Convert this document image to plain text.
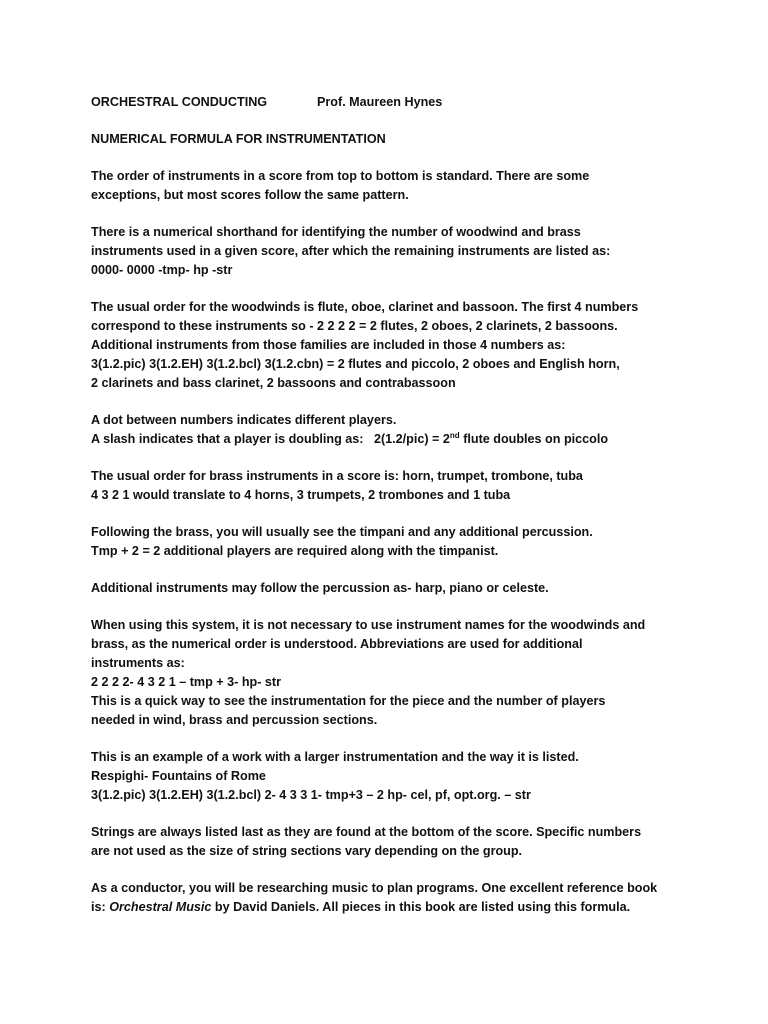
ORCHESTRAL CONDUCTING	Prof. Maureen Hynes
NUMERICAL FORMULA FOR INSTRUMENTATION
The order of instruments in a score from top to bottom is standard. There are some
exceptions, but most scores follow the same pattern.
There is a numerical shorthand for identifying the number of woodwind and brass
instruments used in a given score, after which the remaining instruments are listed as:
0000- 0000 -tmp- hp -str
The usual order for the woodwinds is flute, oboe, clarinet and bassoon. The first 4 numbers
correspond to these instruments so - 2 2 2 2 = 2 flutes, 2 oboes, 2 clarinets, 2 bassoons.
Additional instruments from those families are included in those 4 numbers as:
3(1.2.pic) 3(1.2.EH) 3(1.2.bcl) 3(1.2.cbn) = 2 flutes and piccolo, 2 oboes and English horn,
2 clarinets and bass clarinet, 2 bassoons and contrabassoon
A dot between numbers indicates different players.
A slash indicates that a player is doubling as:   2(1.2/pic) = 2nd flute doubles on piccolo
The usual order for brass instruments in a score is: horn, trumpet, trombone, tuba
4 3 2 1 would translate to 4 horns, 3 trumpets, 2 trombones and 1 tuba
Following the brass, you will usually see the timpani and any additional percussion.
Tmp + 2 = 2 additional players are required along with the timpanist.
Additional instruments may follow the percussion as- harp, piano or celeste.
When using this system, it is not necessary to use instrument names for the woodwinds and
brass, as the numerical order is understood. Abbreviations are used for additional
instruments as:
2 2 2 2- 4 3 2 1 – tmp + 3- hp- str
This is a quick way to see the instrumentation for the piece and the number of players
needed in wind, brass and percussion sections.
This is an example of a work with a larger instrumentation and the way it is listed.
Respighi- Fountains of Rome
3(1.2.pic) 3(1.2.EH) 3(1.2.bcl) 2- 4 3 3 1- tmp+3 – 2 hp- cel, pf, opt.org. – str
Strings are always listed last as they are found at the bottom of the score. Specific numbers
are not used as the size of string sections vary depending on the group.
As a conductor, you will be researching music to plan programs. One excellent reference book
is: Orchestral Music by David Daniels. All pieces in this book are listed using this formula.
